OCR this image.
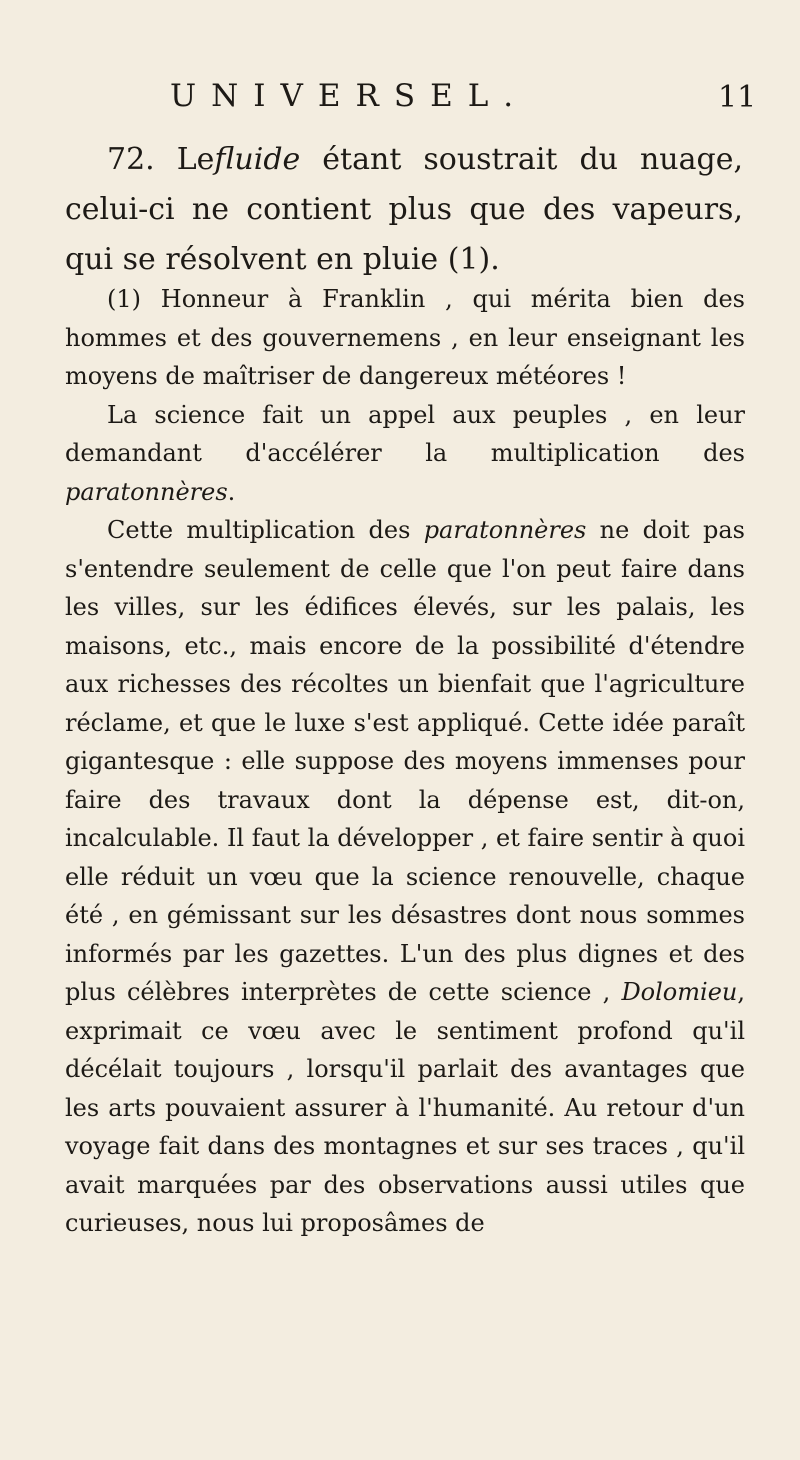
UNIVERSEL.	11

72. Lefluide étant soustrait du nuage, celui-ci ne contient plus que des vapeurs, qui se résolvent en pluie (1).

(1) Honneur à Franklin , qui mérita bien des hommes et des gouvernemens , en leur enseignant les moyens de maîtriser de dangereux météores !

La science fait un appel aux peuples , en leur demandant d'accélérer la multiplication des paratonnères.

Cette multiplication des paratonnères ne doit pas s'entendre seulement de celle que l'on peut faire dans les villes, sur les édifices élevés, sur les palais, les maisons, etc., mais encore de la possibilité d'étendre aux richesses des récoltes un bienfait que l'agriculture réclame, et que le luxe s'est appliqué. Cette idée paraît gigantesque : elle suppose des moyens immenses pour faire des travaux dont la dépense est, dit-on, incalculable. Il faut la développer , et faire sentir à quoi elle réduit un vœu que la science renouvelle, chaque été , en gémissant sur les désastres dont nous sommes informés par les gazettes. L'un des plus dignes et des plus célèbres interprètes de cette science , Dolomieu, exprimait ce vœu avec le sentiment profond qu'il décélait toujours , lorsqu'il parlait des avantages que les arts pouvaient assurer à l'humanité. Au retour d'un voyage fait dans des montagnes et sur ses traces , qu'il avait marquées par des observations aussi utiles que curieuses, nous lui proposâmes de
